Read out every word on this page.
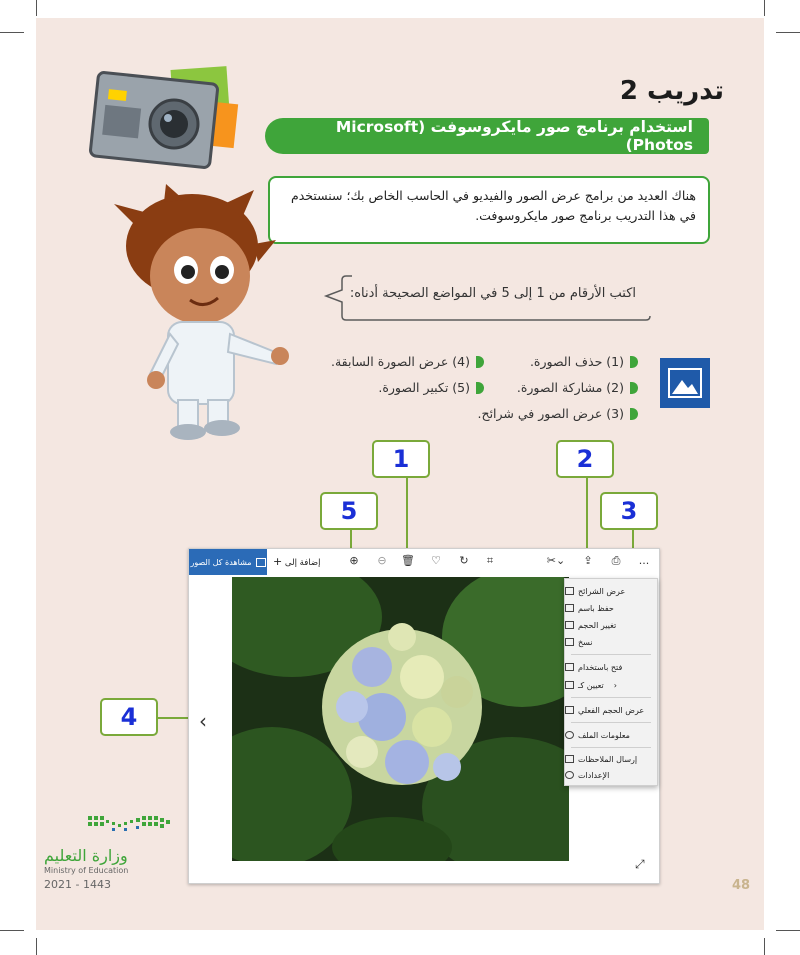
تدريب 2
استخدام برنامج صور مايكروسوفت (Microsoft Photos)
هناك العديد من برامج عرض الصور والفيديو في الحاسب الخاص بك؛ سنستخدم في هذا التدريب برنامج صور مايكروسوفت.
اكتب الأرقام من 1 إلى 5 في المواضع الصحيحة أدناه:
(1) حذف الصورة.
(2) مشاركة الصورة.
(3) عرض الصور في شرائح.
(4) عرض الصورة السابقة.
(5) تكبير الصورة.
1	2
3
5
4
مشاهدة كل الصور	إضافة إلى +	⊕ ⊖ 🗑 ♡ ↻	⌗	✂⌄ ⇪ ⎙ ...
‹
⤢
عرض الشرائح
حفظ باسم
تغيير الحجم
نسخ
فتح باستخدام
‹
تعيين كـ
عرض الحجم الفعلي
معلومات الملف
إرسال الملاحظات
الإعدادات
وزارة التعليم
Ministry of Education
2021 - 1443	48
